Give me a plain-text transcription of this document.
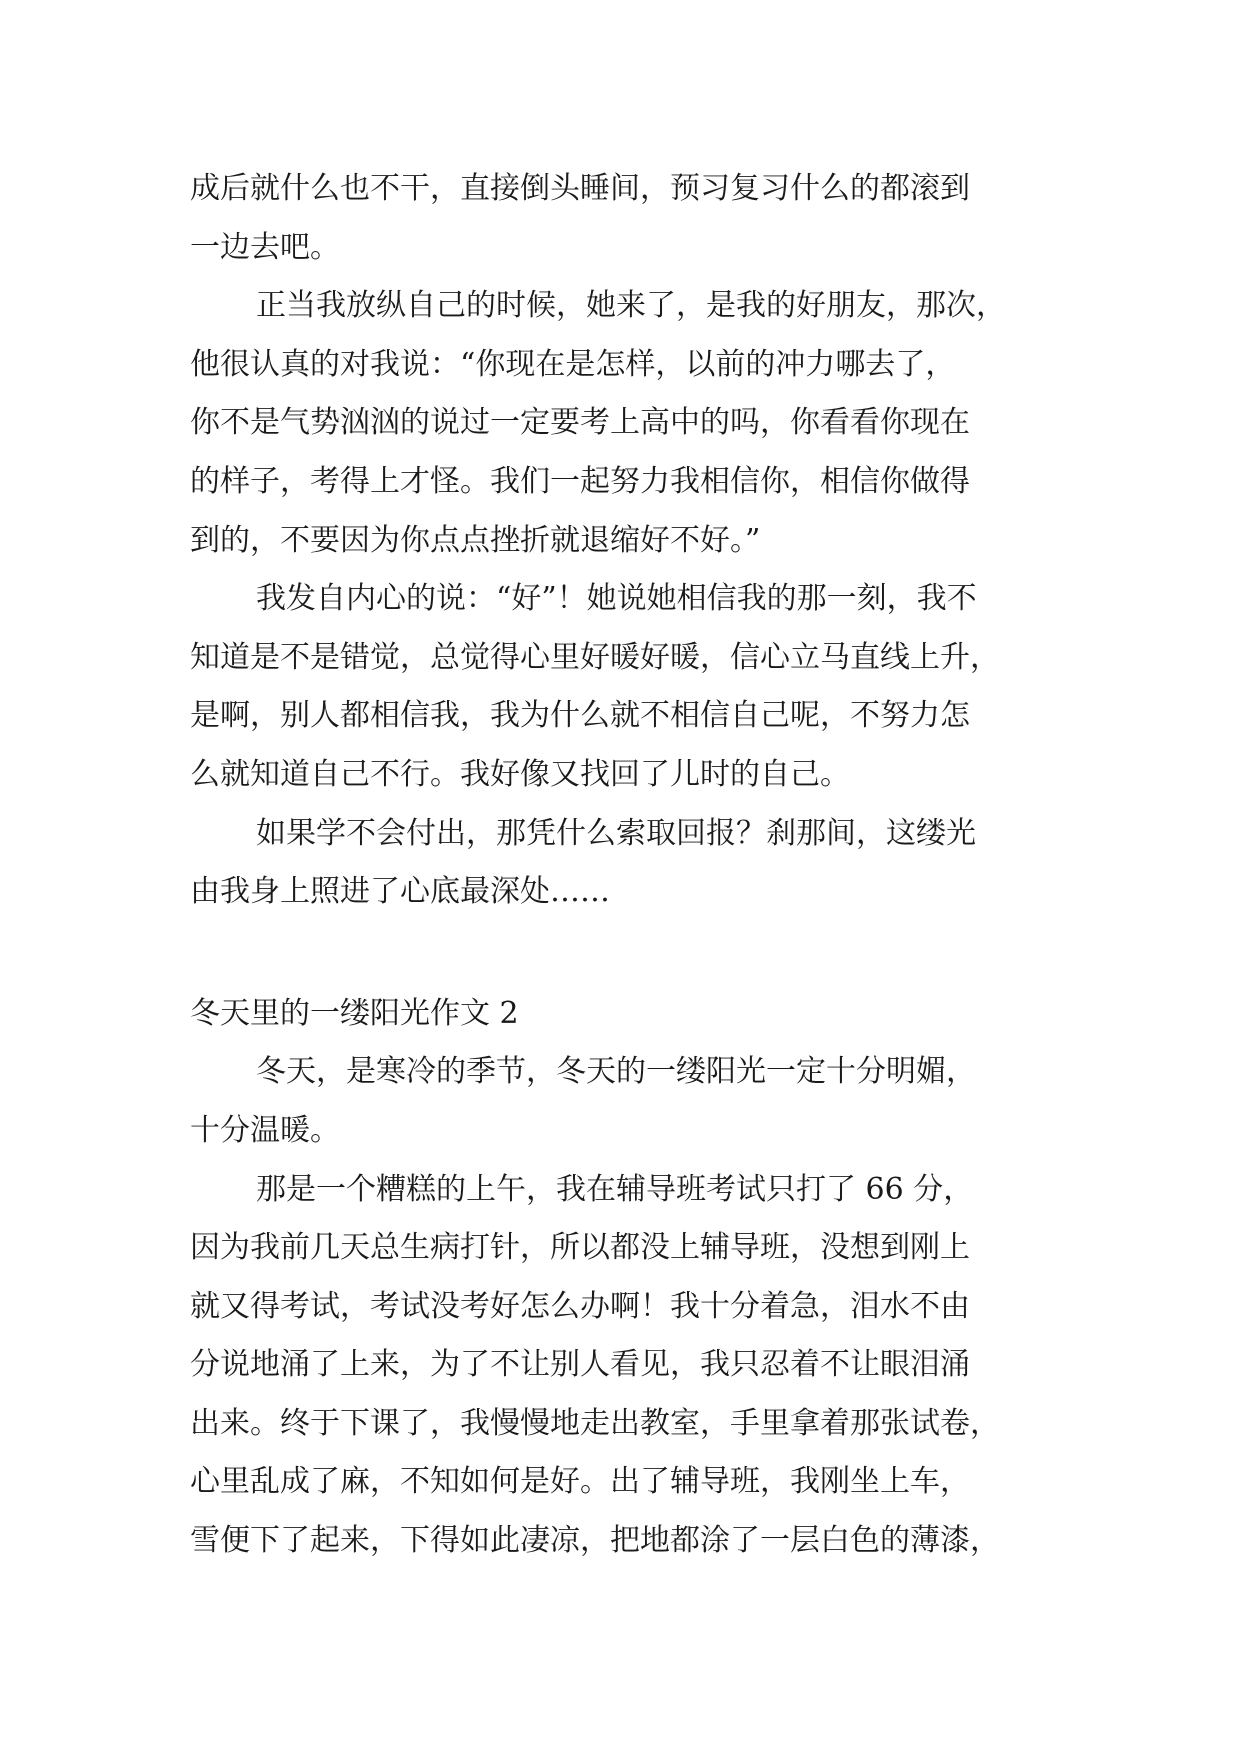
成后就什么也不干，直接倒头睡间，预习复习什么的都滚到
一边去吧。
正当我放纵自己的时候，她来了，是我的好朋友，那次，
他很认真的对我说：“你现在是怎样，以前的冲力哪去了，
你不是气势汹汹的说过一定要考上高中的吗，你看看你现在
的样子，考得上才怪。我们一起努力我相信你，相信你做得
到的，不要因为你点点挫折就退缩好不好。”
我发自内心的说：“好”！她说她相信我的那一刻，我不
知道是不是错觉，总觉得心里好暖好暖，信心立马直线上升，
是啊，别人都相信我，我为什么就不相信自己呢，不努力怎
么就知道自己不行。我好像又找回了儿时的自己。
如果学不会付出，那凭什么索取回报？刹那间，这缕光
由我身上照进了心底最深处……
冬天里的一缕阳光作文 2
冬天，是寒冷的季节，冬天的一缕阳光一定十分明媚，
十分温暖。
那是一个糟糕的上午，我在辅导班考试只打了 66 分，
因为我前几天总生病打针，所以都没上辅导班，没想到刚上
就又得考试，考试没考好怎么办啊！我十分着急，泪水不由
分说地涌了上来，为了不让别人看见，我只忍着不让眼泪涌
出来。终于下课了，我慢慢地走出教室，手里拿着那张试卷，
心里乱成了麻，不知如何是好。出了辅导班，我刚坐上车，
雪便下了起来，下得如此凄凉，把地都涂了一层白色的薄漆，
